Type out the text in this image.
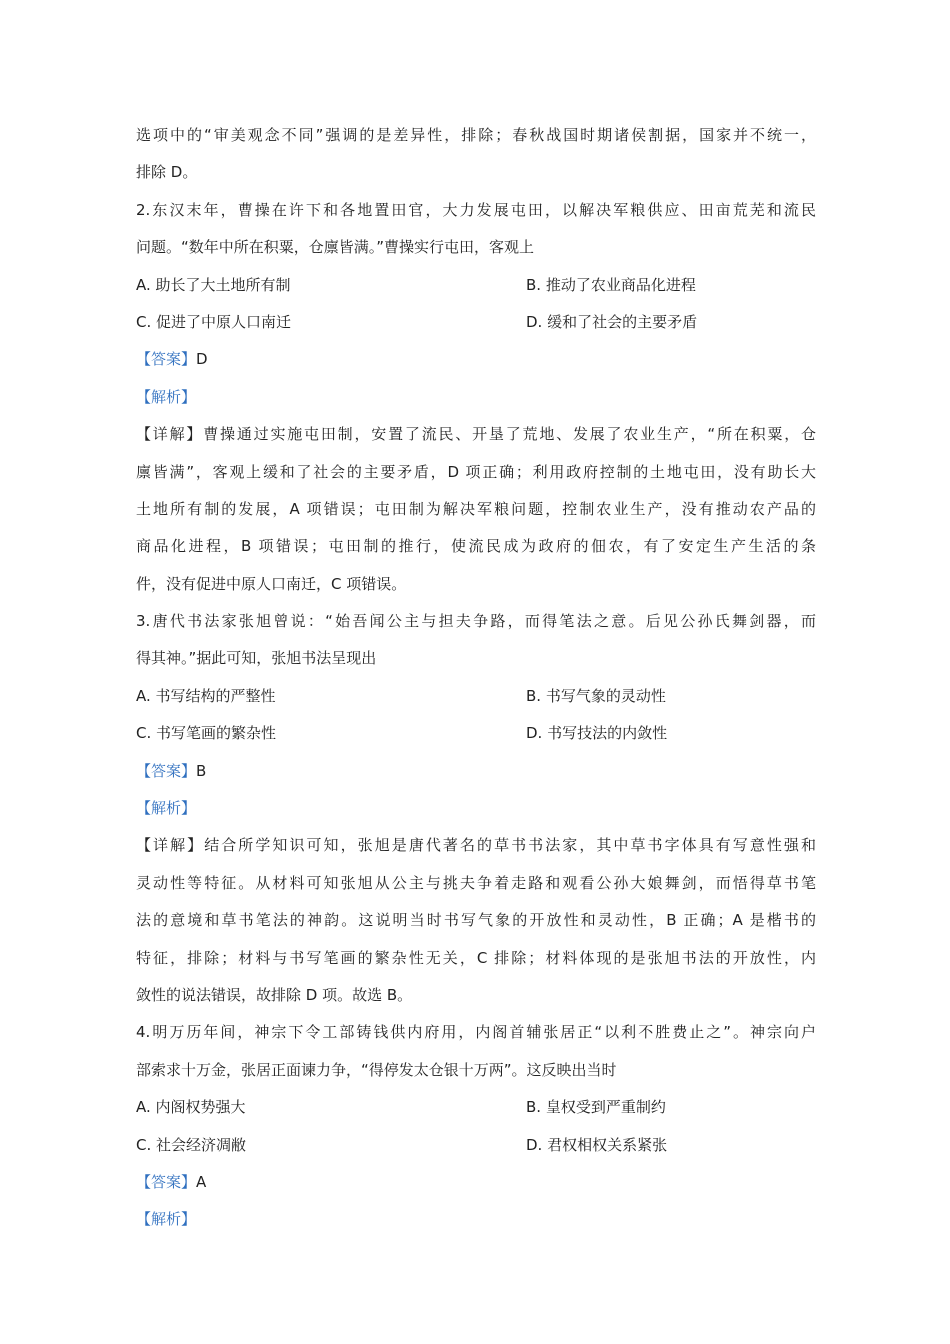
选项中的“审美观念不同”强调的是差异性，排除；春秋战国时期诸侯割据，国家并不统一，
排除 D。
2.东汉末年，曹操在许下和各地置田官，大力发展屯田，以解决军粮供应、田亩荒芜和流民
问题。“数年中所在积粟，仓廪皆满。”曹操实行屯田，客观上
A. 助长了大土地所有制	B. 推动了农业商品化进程
C. 促进了中原人口南迁	D. 缓和了社会的主要矛盾
【答案】D
【解析】
【详解】曹操通过实施屯田制，安置了流民、开垦了荒地、发展了农业生产，“所在积粟，仓
廪皆满”，客观上缓和了社会的主要矛盾，D 项正确；利用政府控制的土地屯田，没有助长大
土地所有制的发展，A 项错误；屯田制为解决军粮问题，控制农业生产，没有推动农产品的
商品化进程，B 项错误；屯田制的推行，使流民成为政府的佃农，有了安定生产生活的条
件，没有促进中原人口南迁，C 项错误。
3.唐代书法家张旭曾说：“始吾闻公主与担夫争路，而得笔法之意。后见公孙氏舞剑器，而
得其神。”据此可知，张旭书法呈现出
A. 书写结构的严整性	B. 书写气象的灵动性
C. 书写笔画的繁杂性	D. 书写技法的内敛性
【答案】B
【解析】
【详解】结合所学知识可知，张旭是唐代著名的草书书法家，其中草书字体具有写意性强和
灵动性等特征。从材料可知张旭从公主与挑夫争着走路和观看公孙大娘舞剑，而悟得草书笔
法的意境和草书笔法的神韵。这说明当时书写气象的开放性和灵动性，B 正确；A 是楷书的
特征，排除；材料与书写笔画的繁杂性无关，C 排除；材料体现的是张旭书法的开放性，内
敛性的说法错误，故排除 D 项。故选 B。
4.明万历年间，神宗下令工部铸钱供内府用，内阁首辅张居正“以利不胜费止之”。神宗向户
部索求十万金，张居正面谏力争，“得停发太仓银十万两”。这反映出当时
A. 内阁权势强大	B. 皇权受到严重制约
C. 社会经济凋敝	D. 君权相权关系紧张
【答案】A
【解析】
